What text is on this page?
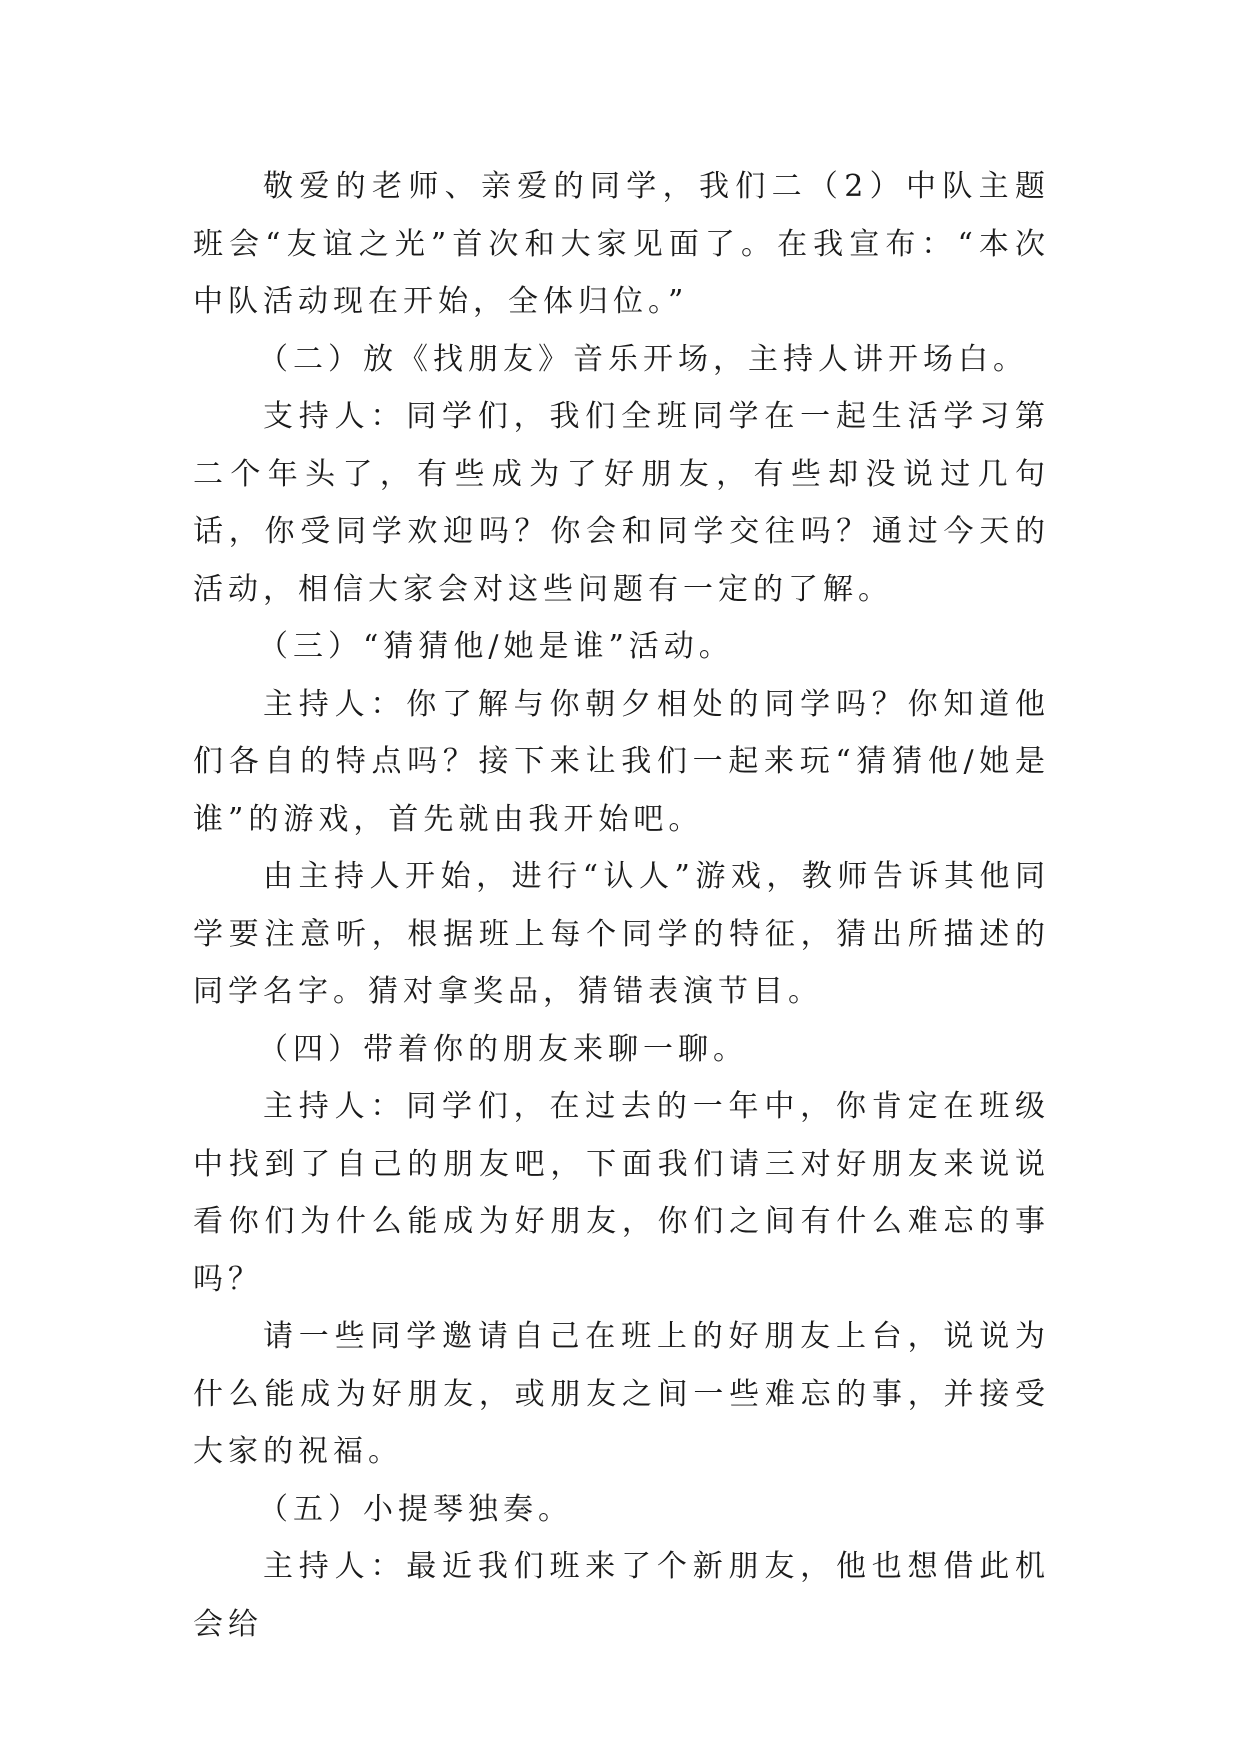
敬爱的老师、亲爱的同学，我们二（2）中队主题班会“友谊之光”首次和大家见面了。在我宣布：“本次中队活动现在开始，全体归位。”

（二）放《找朋友》音乐开场，主持人讲开场白。

支持人：同学们，我们全班同学在一起生活学习第二个年头了，有些成为了好朋友，有些却没说过几句话，你受同学欢迎吗？你会和同学交往吗？通过今天的活动，相信大家会对这些问题有一定的了解。

（三）“猜猜他/她是谁”活动。

主持人：你了解与你朝夕相处的同学吗？你知道他们各自的特点吗？接下来让我们一起来玩“猜猜他/她是谁”的游戏，首先就由我开始吧。

由主持人开始，进行“认人”游戏，教师告诉其他同学要注意听，根据班上每个同学的特征，猜出所描述的同学名字。猜对拿奖品，猜错表演节目。

（四）带着你的朋友来聊一聊。

主持人：同学们，在过去的一年中，你肯定在班级中找到了自己的朋友吧，下面我们请三对好朋友来说说看你们为什么能成为好朋友，你们之间有什么难忘的事吗？

请一些同学邀请自己在班上的好朋友上台，说说为什么能成为好朋友，或朋友之间一些难忘的事，并接受大家的祝福。

（五）小提琴独奏。

主持人：最近我们班来了个新朋友，他也想借此机会给
